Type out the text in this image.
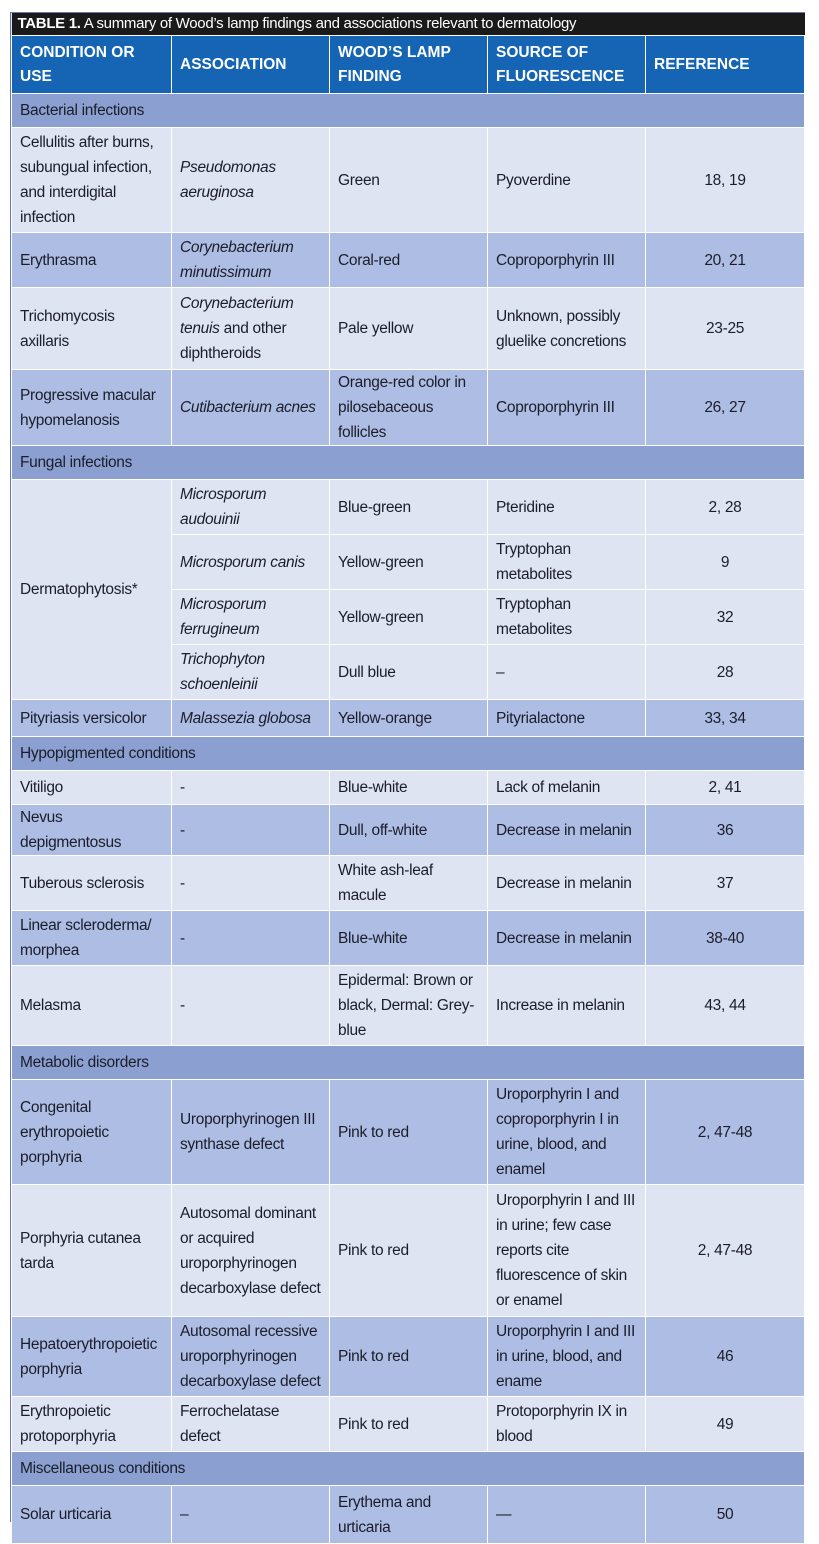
TABLE 1. A summary of Wood’s lamp findings and associations relevant to dermatology				
CONDITION OR USE	ASSOCIATION	WOOD’S LAMP FINDING	SOURCE OF FLUORESCENCE	REFERENCE
Bacterial infections				
Cellulitis after burns, subungual infection, and interdigital infection	Pseudomonas aeruginosa	Green	Pyoverdine	18, 19
Erythrasma	Corynebacterium minutissimum	Coral-red	Coproporphyrin III	20, 21
Trichomycosis axillaris	Corynebacterium tenuis and other diphtheroids	Pale yellow	Unknown, possibly gluelike concretions	23-25
Progressive macular hypomelanosis	Cutibacterium acnes	Orange-red color in pilosebaceous follicles	Coproporphyrin III	26, 27
Fungal infections				
Dermatophytosis*	Microsporum audouinii	Blue-green	Pteridine	2, 28
	Microsporum canis	Yellow-green	Tryptophan metabolites	9
	Microsporum ferrugineum	Yellow-green	Tryptophan metabolites	32
	Trichophyton schoenleinii	Dull blue	–	28
Pityriasis versicolor	Malassezia globosa	Yellow-orange	Pityrialactone	33, 34
Hypopigmented conditions				
Vitiligo	-	Blue-white	Lack of melanin	2, 41
Nevus depigmentosus	-	Dull, off-white	Decrease in melanin	36
Tuberous sclerosis	-	White ash-leaf macule	Decrease in melanin	37
Linear scleroderma/ morphea	-	Blue-white	Decrease in melanin	38-40
Melasma	-	Epidermal: Brown or black, Dermal: Grey-blue	Increase in melanin	43, 44
Metabolic disorders				
Congenital erythropoietic porphyria	Uroporphyrinogen III synthase defect	Pink to red	Uroporphyrin I and coproporphyrin I in urine, blood, and enamel	2, 47-48
Porphyria cutanea tarda	Autosomal dominant or acquired uroporphyrinogen decarboxylase defect	Pink to red	Uroporphyrin I and III in urine; few case reports cite fluorescence of skin or enamel	2, 47-48
Hepatoerythropoietic porphyria	Autosomal recessive uroporphyrinogen decarboxylase defect	Pink to red	Uroporphyrin I and III in urine, blood, and ename	46
Erythropoietic protoporphyria	Ferrochelatase defect	Pink to red	Protoporphyrin IX in blood	49
Miscellaneous conditions				
Solar urticaria	–	Erythema and urticaria	—	50
